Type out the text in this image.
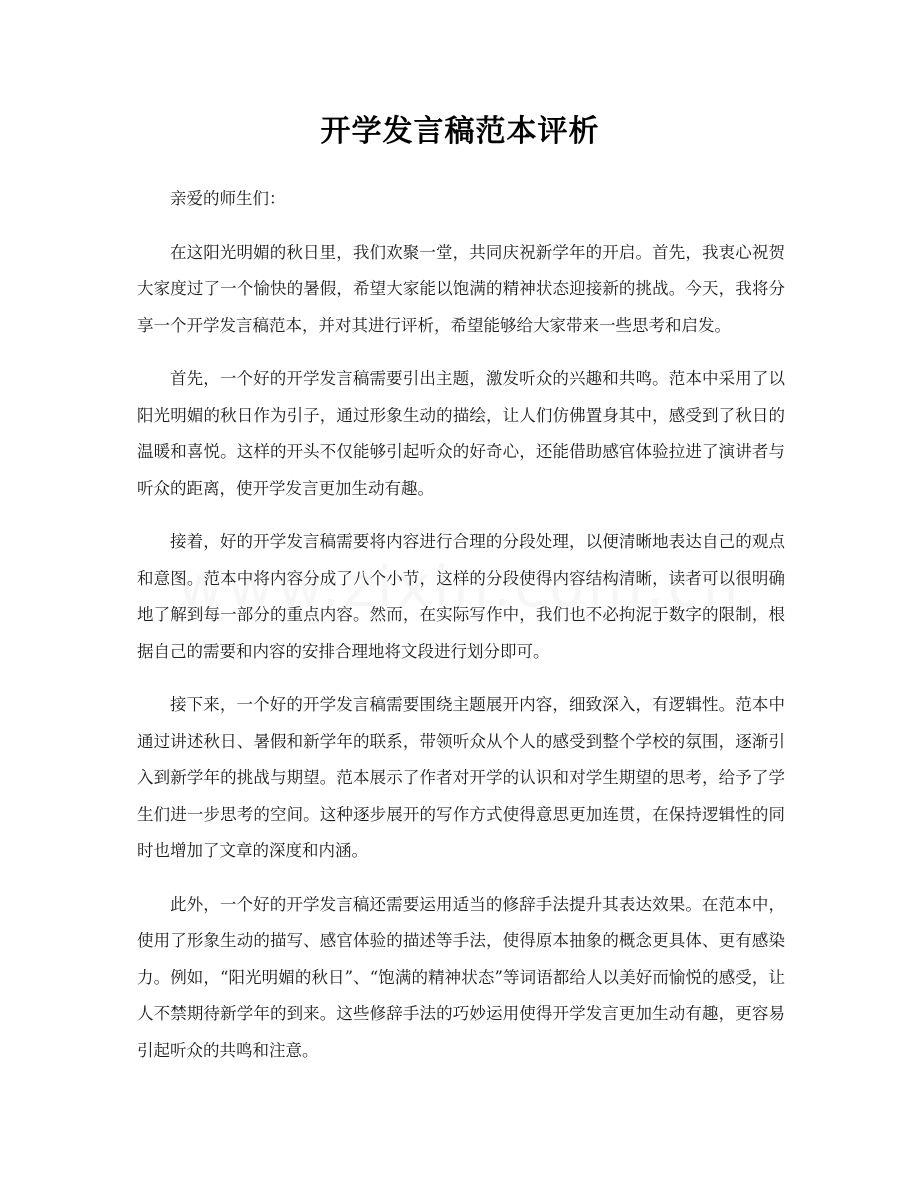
开学发言稿范本评析

亲爱的师生们：

在这阳光明媚的秋日里，我们欢聚一堂，共同庆祝新学年的开启。首先，我衷心祝贺大家度过了一个愉快的暑假，希望大家能以饱满的精神状态迎接新的挑战。今天，我将分享一个开学发言稿范本，并对其进行评析，希望能够给大家带来一些思考和启发。

首先，一个好的开学发言稿需要引出主题，激发听众的兴趣和共鸣。范本中采用了以阳光明媚的秋日作为引子，通过形象生动的描绘，让人们仿佛置身其中，感受到了秋日的温暖和喜悦。这样的开头不仅能够引起听众的好奇心，还能借助感官体验拉进了演讲者与听众的距离，使开学发言更加生动有趣。

接着，好的开学发言稿需要将内容进行合理的分段处理，以便清晰地表达自己的观点和意图。范本中将内容分成了八个小节，这样的分段使得内容结构清晰，读者可以很明确地了解到每一部分的重点内容。然而，在实际写作中，我们也不必拘泥于数字的限制，根据自己的需要和内容的安排合理地将文段进行划分即可。

接下来，一个好的开学发言稿需要围绕主题展开内容，细致深入，有逻辑性。范本中通过讲述秋日、暑假和新学年的联系，带领听众从个人的感受到整个学校的氛围，逐渐引入到新学年的挑战与期望。范本展示了作者对开学的认识和对学生期望的思考，给予了学生们进一步思考的空间。这种逐步展开的写作方式使得意思更加连贯，在保持逻辑性的同时也增加了文章的深度和内涵。

此外，一个好的开学发言稿还需要运用适当的修辞手法提升其表达效果。在范本中，使用了形象生动的描写、感官体验的描述等手法，使得原本抽象的概念更具体、更有感染力。例如，“阳光明媚的秋日”、“饱满的精神状态”等词语都给人以美好而愉悦的感受，让人不禁期待新学年的到来。这些修辞手法的巧妙运用使得开学发言更加生动有趣，更容易引起听众的共鸣和注意。
